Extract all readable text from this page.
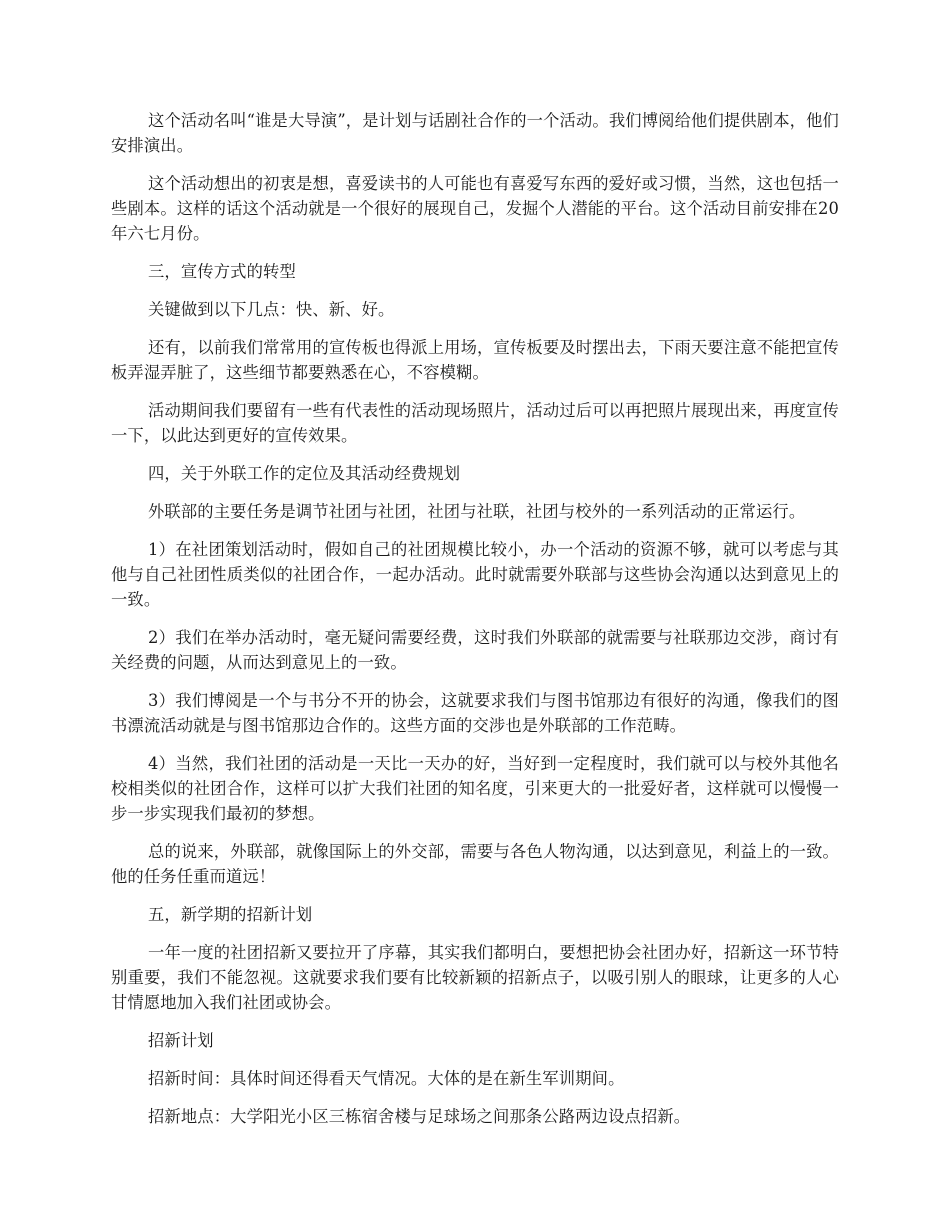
这个活动名叫“谁是大导演”，是计划与话剧社合作的一个活动。我们博阅给他们提供剧本，他们安排演出。

这个活动想出的初衷是想，喜爱读书的人可能也有喜爱写东西的爱好或习惯，当然，这也包括一些剧本。这样的话这个活动就是一个很好的展现自己，发掘个人潜能的平台。这个活动目前安排在20年六七月份。

三，宣传方式的转型

关键做到以下几点：快、新、好。

还有，以前我们常常用的宣传板也得派上用场，宣传板要及时摆出去，下雨天要注意不能把宣传板弄湿弄脏了，这些细节都要熟悉在心，不容模糊。

活动期间我们要留有一些有代表性的活动现场照片，活动过后可以再把照片展现出来，再度宣传一下，以此达到更好的宣传效果。

四，关于外联工作的定位及其活动经费规划

外联部的主要任务是调节社团与社团，社团与社联，社团与校外的一系列活动的正常运行。

1）在社团策划活动时，假如自己的社团规模比较小，办一个活动的资源不够，就可以考虑与其他与自己社团性质类似的社团合作，一起办活动。此时就需要外联部与这些协会沟通以达到意见上的一致。

2）我们在举办活动时，毫无疑问需要经费，这时我们外联部的就需要与社联那边交涉，商讨有关经费的问题，从而达到意见上的一致。

3）我们博阅是一个与书分不开的协会，这就要求我们与图书馆那边有很好的沟通，像我们的图书漂流活动就是与图书馆那边合作的。这些方面的交涉也是外联部的工作范畴。

4）当然，我们社团的活动是一天比一天办的好，当好到一定程度时，我们就可以与校外其他名校相类似的社团合作，这样可以扩大我们社团的知名度，引来更大的一批爱好者，这样就可以慢慢一步一步实现我们最初的梦想。

总的说来，外联部，就像国际上的外交部，需要与各色人物沟通，以达到意见，利益上的一致。他的任务任重而道远！

五，新学期的招新计划

一年一度的社团招新又要拉开了序幕，其实我们都明白，要想把协会社团办好，招新这一环节特别重要，我们不能忽视。这就要求我们要有比较新颖的招新点子，以吸引别人的眼球，让更多的人心甘情愿地加入我们社团或协会。

招新计划

招新时间：具体时间还得看天气情况。大体的是在新生军训期间。

招新地点：大学阳光小区三栋宿舍楼与足球场之间那条公路两边设点招新。
